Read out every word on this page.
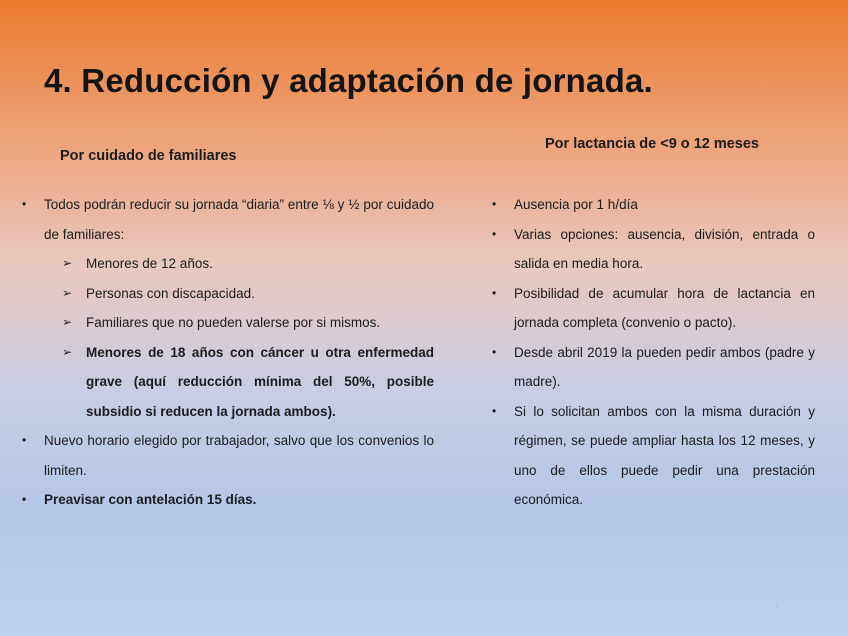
4. Reducción y adaptación de jornada.
Por cuidado de familiares
Por lactancia de <9 o 12 meses
•	Todos podrán reducir su jornada “diaria” entre ⅛ y ½ por cuidado de familiares:
➢ Menores de 12 años.
➢ Personas con discapacidad.
➢ Familiares que no pueden valerse por si mismos.
➢ Menores de 18 años con cáncer u otra enfermedad grave (aquí reducción mínima del 50%, posible subsidio si reducen la jornada ambos).
•	Nuevo horario elegido por trabajador, salvo que los convenios lo limiten.
•	Preavisar con antelación 15 días.
•	Ausencia por 1 h/día
•	Varias opciones: ausencia, división, entrada o salida en media hora.
•	Posibilidad de acumular hora de lactancia en jornada completa (convenio o pacto).
•	Desde abril 2019 la pueden pedir ambos (padre y madre).
•	Si lo solicitan ambos con la misma duración y régimen, se puede ampliar hasta los 12 meses, y uno de ellos puede pedir una prestación económica.
·
